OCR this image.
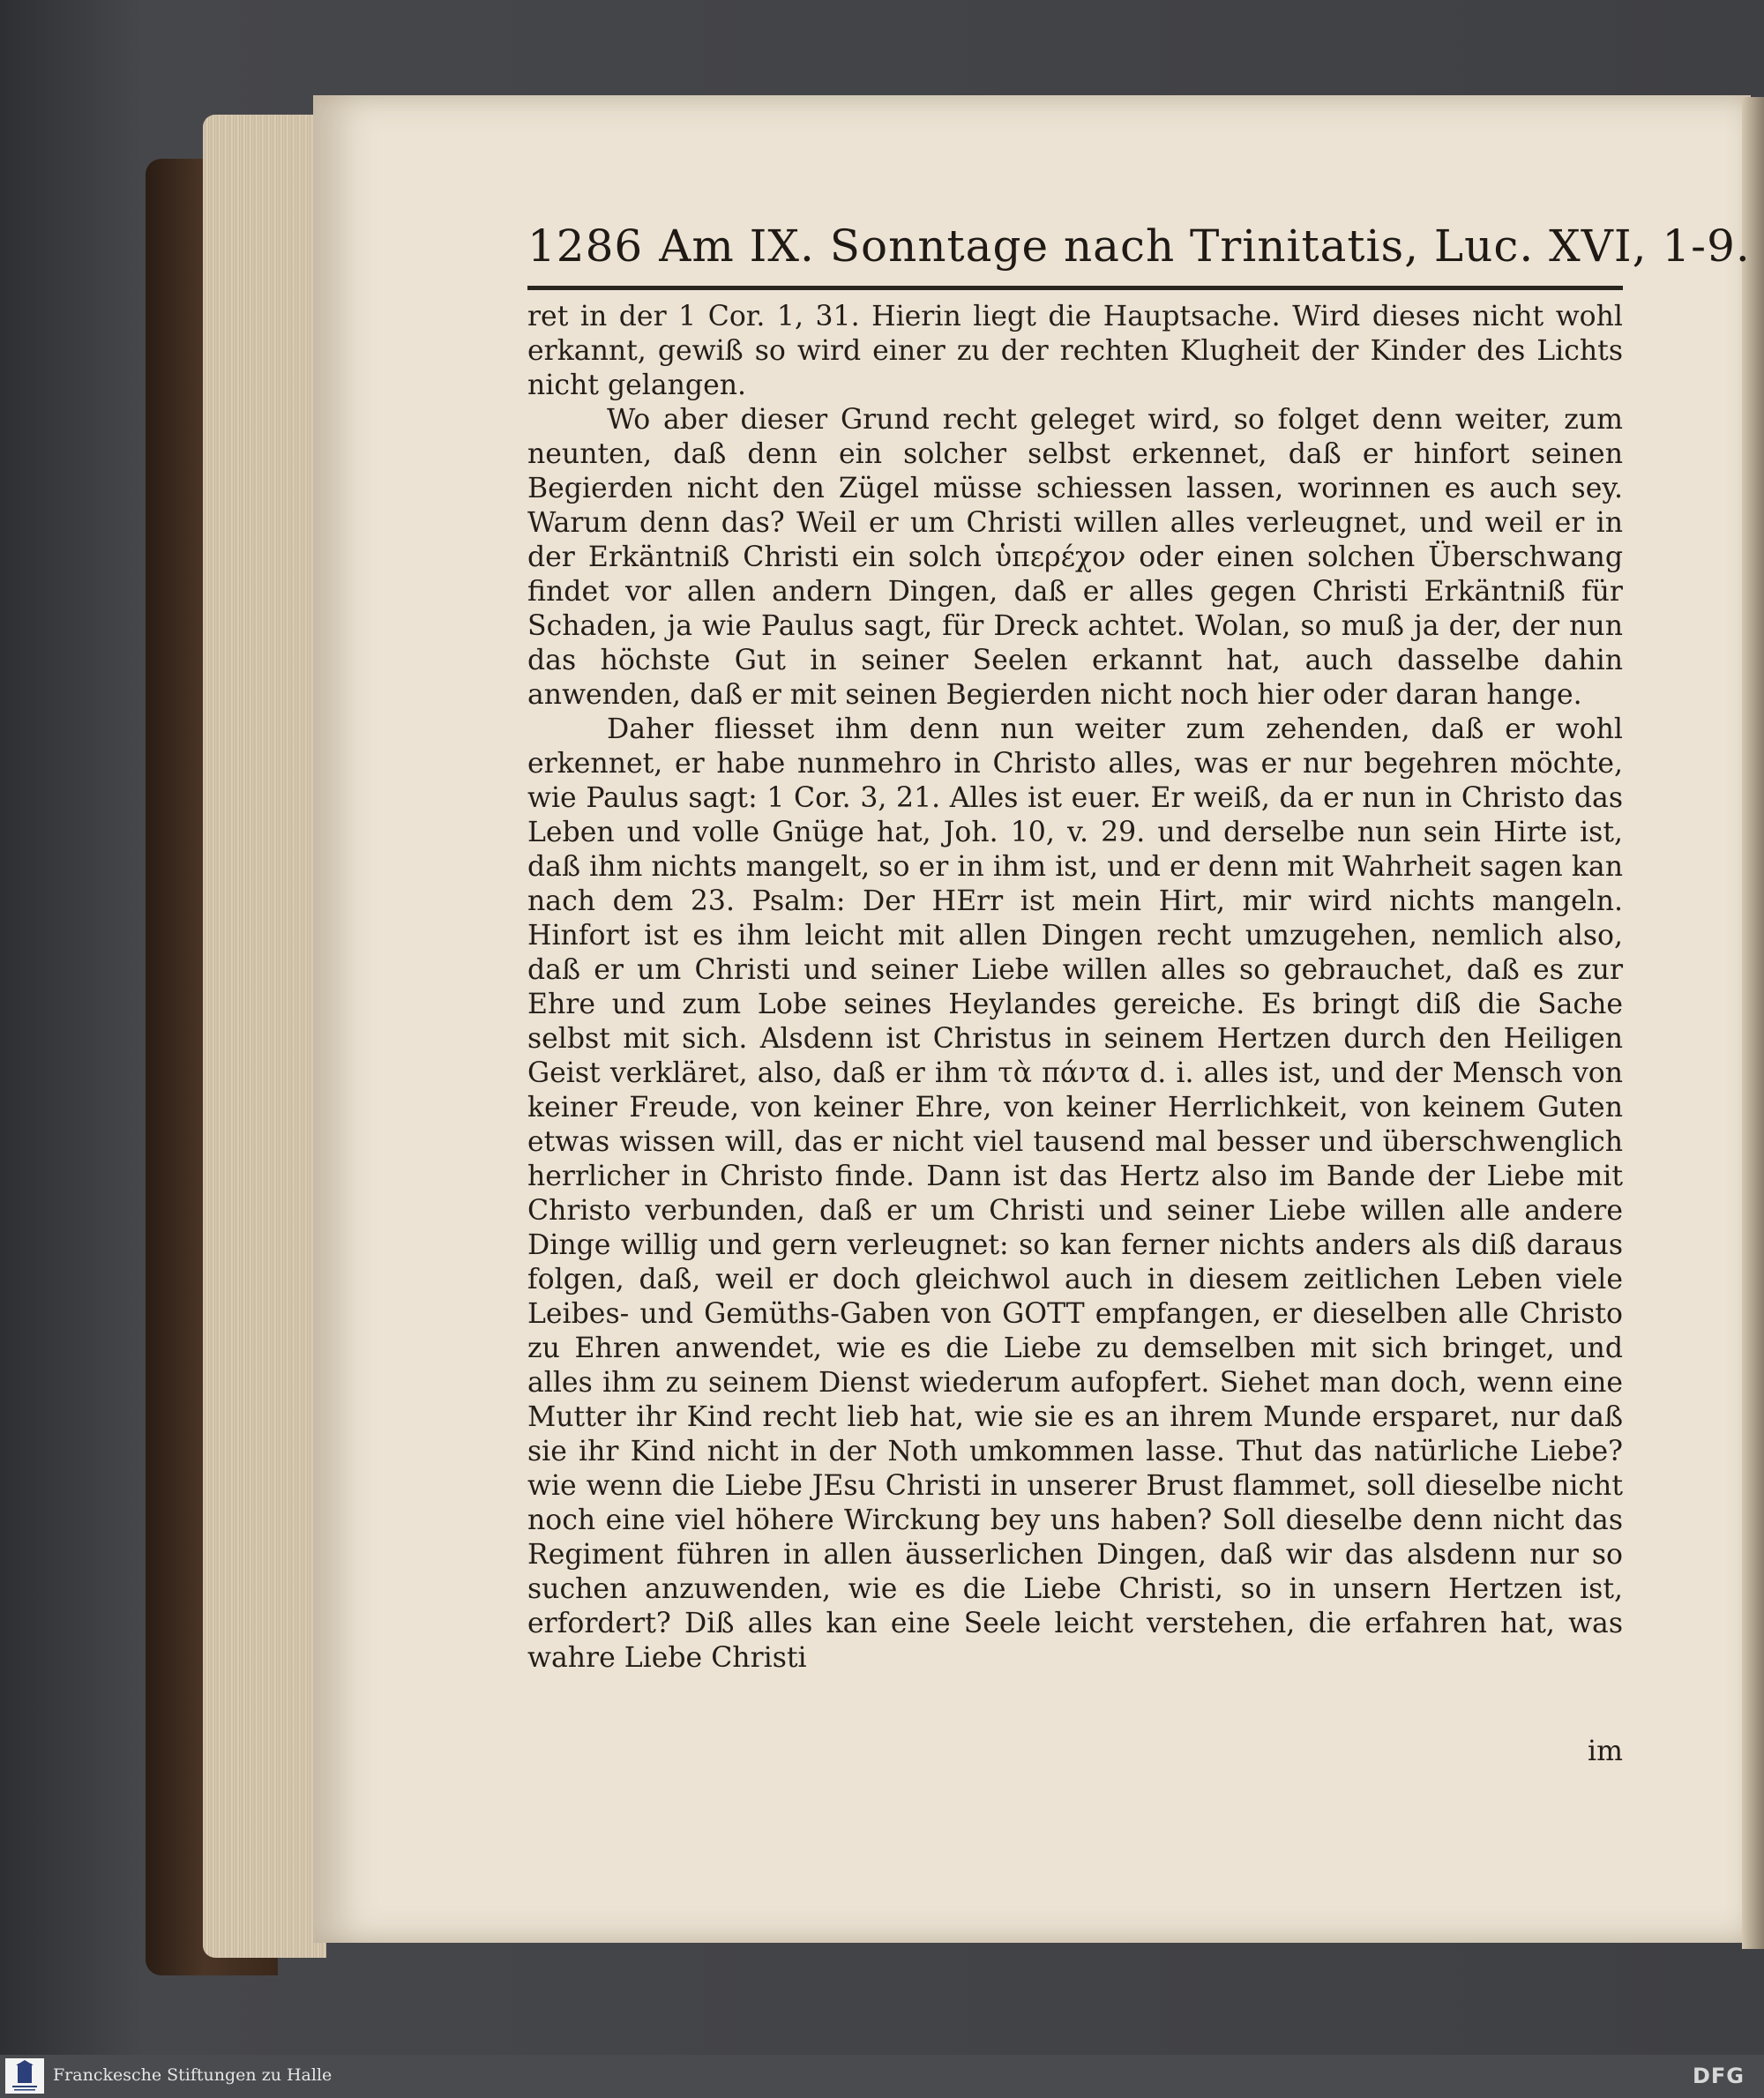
1286 Am IX. Sonntage nach Trinitatis, Luc. XVI, 1-9.

ret in der 1 Cor. 1, 31. Hierin liegt die Hauptsache. Wird dieses nicht wohl erkannt, gewiß so wird einer zu der rechten Klugheit der Kinder des Lichts nicht gelangen.

Wo aber dieser Grund recht geleget wird, so folget denn weiter, zum neunten, daß denn ein solcher selbst erkennet, daß er hinfort seinen Begierden nicht den Zügel müsse schiessen lassen, worinnen es auch sey. Warum denn das? Weil er um Christi willen alles verleugnet, und weil er in der Erkäntniß Christi ein solch ὑπερέχον oder einen solchen Überschwang findet vor allen andern Dingen, daß er alles gegen Christi Erkäntniß für Schaden, ja wie Paulus sagt, für Dreck achtet. Wolan, so muß ja der, der nun das höchste Gut in seiner Seelen erkannt hat, auch dasselbe dahin anwenden, daß er mit seinen Begierden nicht noch hier oder daran hange.

Daher fliesset ihm denn nun weiter zum zehenden, daß er wohl erkennet, er habe nunmehro in Christo alles, was er nur begehren möchte, wie Paulus sagt: 1 Cor. 3, 21. Alles ist euer. Er weiß, da er nun in Christo das Leben und volle Gnüge hat, Joh. 10, v. 29. und derselbe nun sein Hirte ist, daß ihm nichts mangelt, so er in ihm ist, und er denn mit Wahrheit sagen kan nach dem 23. Psalm: Der HErr ist mein Hirt, mir wird nichts mangeln. Hinfort ist es ihm leicht mit allen Dingen recht umzugehen, nemlich also, daß er um Christi und seiner Liebe willen alles so gebrauchet, daß es zur Ehre und zum Lobe seines Heylandes gereiche. Es bringt diß die Sache selbst mit sich. Alsdenn ist Christus in seinem Hertzen durch den Heiligen Geist verkläret, also, daß er ihm τὰ πάντα d. i. alles ist, und der Mensch von keiner Freude, von keiner Ehre, von keiner Herrlichkeit, von keinem Guten etwas wissen will, das er nicht viel tausend mal besser und überschwenglich herrlicher in Christo finde. Dann ist das Hertz also im Bande der Liebe mit Christo verbunden, daß er um Christi und seiner Liebe willen alle andere Dinge willig und gern verleugnet: so kan ferner nichts anders als diß daraus folgen, daß, weil er doch gleichwol auch in diesem zeitlichen Leben viele Leibes- und Gemüths-Gaben von GOTT empfangen, er dieselben alle Christo zu Ehren anwendet, wie es die Liebe zu demselben mit sich bringet, und alles ihm zu seinem Dienst wiederum aufopfert. Siehet man doch, wenn eine Mutter ihr Kind recht lieb hat, wie sie es an ihrem Munde ersparet, nur daß sie ihr Kind nicht in der Noth umkommen lasse. Thut das natürliche Liebe? wie wenn die Liebe JEsu Christi in unserer Brust flammet, soll dieselbe nicht noch eine viel höhere Wirckung bey uns haben? Soll dieselbe denn nicht das Regiment führen in allen äusserlichen Dingen, daß wir das alsdenn nur so suchen anzuwenden, wie es die Liebe Christi, so in unsern Hertzen ist, erfordert? Diß alles kan eine Seele leicht verstehen, die erfahren hat, was wahre Liebe Christi

im
Franckesche Stiftungen zu Halle	DFG
